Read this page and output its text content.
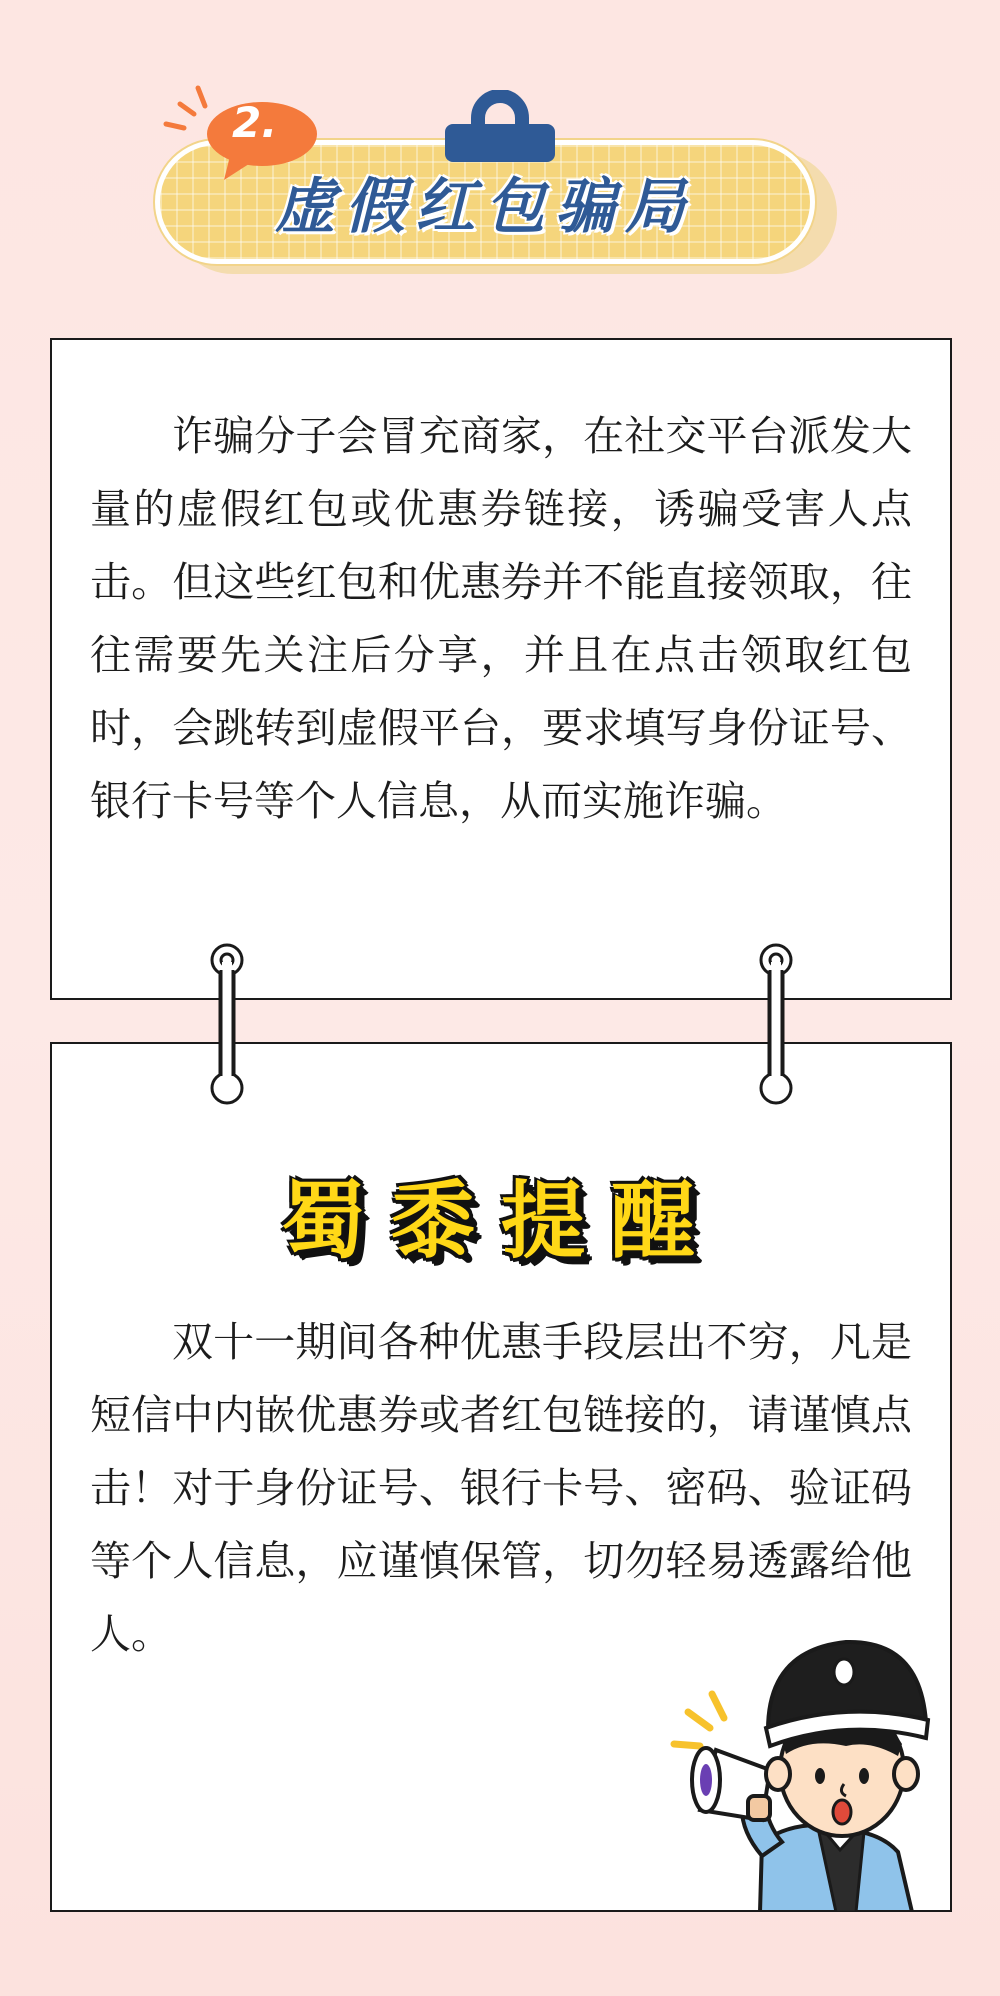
2.
虚假红包骗局

诈骗分子会冒充商家，在社交平台派发大量的虚假红包或优惠券链接，诱骗受害人点击。但这些红包和优惠券并不能直接领取，往往需要先关注后分享，并且在点击领取红包时，会跳转到虚假平台，要求填写身份证号、银行卡号等个人信息，从而实施诈骗。

蜀黍提醒

双十一期间各种优惠手段层出不穷，凡是短信中内嵌优惠券或者红包链接的，请谨慎点击！对于身份证号、银行卡号、密码、验证码等个人信息，应谨慎保管，切勿轻易透露给他人。
